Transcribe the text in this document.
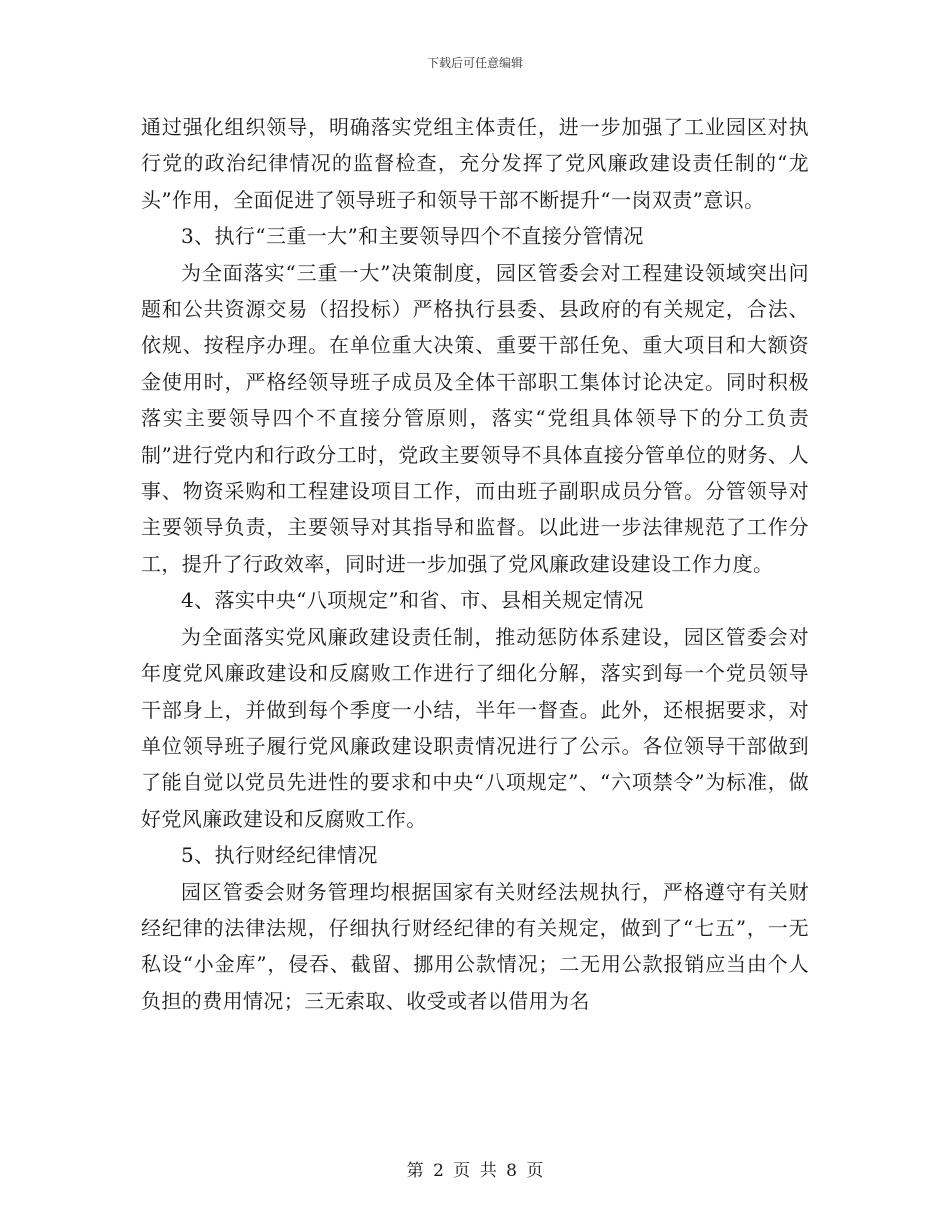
下载后可任意编辑

通过强化组织领导，明确落实党组主体责任，进一步加强了工业园区对执行党的政治纪律情况的监督检查，充分发挥了党风廉政建设责任制的“龙头”作用，全面促进了领导班子和领导干部不断提升“一岗双责”意识。

3、执行“三重一大”和主要领导四个不直接分管情况

为全面落实“三重一大”决策制度，园区管委会对工程建设领域突出问题和公共资源交易（招投标）严格执行县委、县政府的有关规定，合法、依规、按程序办理。在单位重大决策、重要干部任免、重大项目和大额资金使用时，严格经领导班子成员及全体干部职工集体讨论决定。同时积极落实主要领导四个不直接分管原则，落实“党组具体领导下的分工负责制”进行党内和行政分工时，党政主要领导不具体直接分管单位的财务、人事、物资采购和工程建设项目工作，而由班子副职成员分管。分管领导对主要领导负责，主要领导对其指导和监督。以此进一步法律规范了工作分工，提升了行政效率，同时进一步加强了党风廉政建设建设工作力度。

4、落实中央“八项规定”和省、市、县相关规定情况

为全面落实党风廉政建设责任制，推动惩防体系建设，园区管委会对年度党风廉政建设和反腐败工作进行了细化分解，落实到每一个党员领导干部身上，并做到每个季度一小结，半年一督查。此外，还根据要求，对单位领导班子履行党风廉政建设职责情况进行了公示。各位领导干部做到了能自觉以党员先进性的要求和中央“八项规定”、“六项禁令”为标准，做好党风廉政建设和反腐败工作。

5、执行财经纪律情况

园区管委会财务管理均根据国家有关财经法规执行，严格遵守有关财经纪律的法律法规，仔细执行财经纪律的有关规定，做到了“七五”，一无私设“小金库”，侵吞、截留、挪用公款情况；二无用公款报销应当由个人负担的费用情况；三无索取、收受或者以借用为名

第 2 页 共 8 页
